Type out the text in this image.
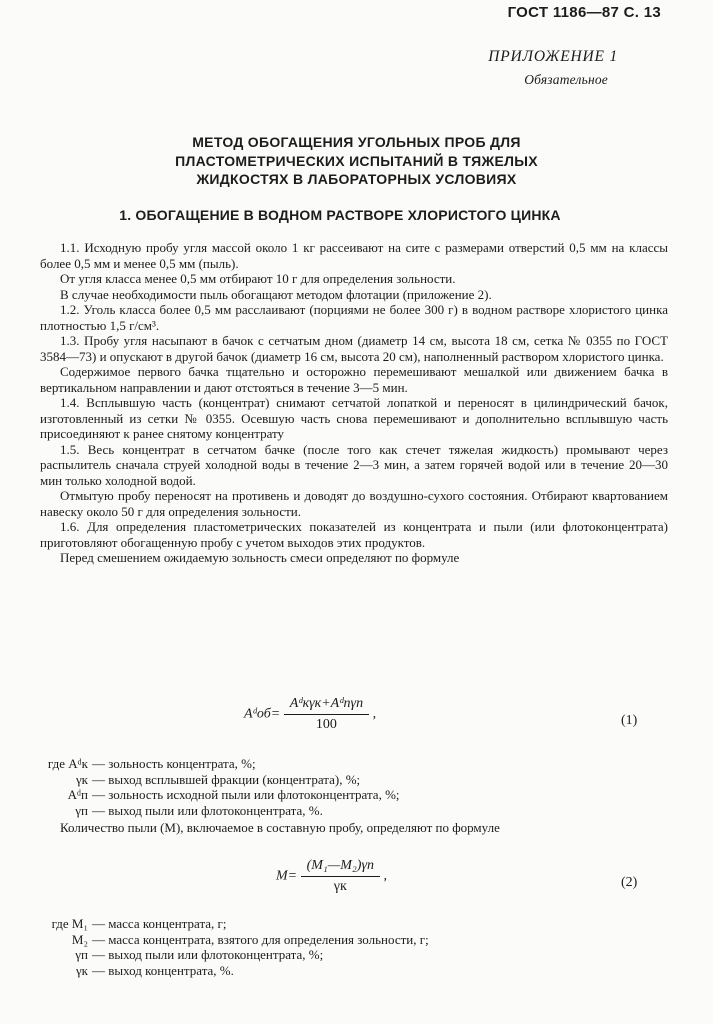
ГОСТ 1186—87 С. 13
ПРИЛОЖЕНИЕ 1
Обязательное
МЕТОД ОБОГАЩЕНИЯ УГОЛЬНЫХ ПРОБ ДЛЯ
ПЛАСТОМЕТРИЧЕСКИХ ИСПЫТАНИЙ В ТЯЖЕЛЫХ
ЖИДКОСТЯХ В ЛАБОРАТОРНЫХ УСЛОВИЯХ
1. ОБОГАЩЕНИЕ В ВОДНОМ РАСТВОРЕ ХЛОРИСТОГО ЦИНКА

1.1. Исходную пробу угля массой около 1 кг рассеивают на сите с размерами отверстий 0,5 мм на классы более 0,5 мм и менее 0,5 мм (пыль).

От угля класса менее 0,5 мм отбирают 10 г для определения зольности.

В случае необходимости пыль обогащают методом флотации (приложение 2).

1.2. Уголь класса более 0,5 мм расслаивают (порциями не более 300 г) в водном растворе хлористого цинка плотностью 1,5 г/см³.

1.3. Пробу угля насыпают в бачок с сетчатым дном (диаметр 14 см, высота 18 см, сетка № 0355 по ГОСТ 3584—73) и опускают в другой бачок (диаметр 16 см, высота 20 см), наполненный раствором хлористого цинка.

Содержимое первого бачка тщательно и осторожно перемешивают мешалкой или движением бачка в вертикальном направлении и дают отстояться в течение 3—5 мин.

1.4. Всплывшую часть (концентрат) снимают сетчатой лопаткой и переносят в цилиндрический бачок, изготовленный из сетки № 0355. Осевшую часть снова перемешивают и дополнительно всплывшую часть присоединяют к ранее снятому концентрату

1.5. Весь концентрат в сетчатом бачке (после того как стечет тяжелая жидкость) промывают через распылитель сначала струей холодной воды в течение 2—3 мин, а затем горячей водой или в течение 20—30 мин только холодной водой.

Отмытую пробу переносят на противень и доводят до воздушно-сухого состояния. Отбирают квартованием навеску около 50 г для определения зольности.

1.6. Для определения пластометрических показателей из концентрата и пыли (или флотоконцентрата) приготовляют обогащенную пробу с учетом выходов этих продуктов.

Перед смешением ожидаемую зольность смеси определяют по формуле

Aᵈоб= $\frac{\text{Aᵈкγк+Aᵈпγп}}{100}$ ,	(1)
где Aᵈк — зольность концентрата, %;
γк — выход всплывшей фракции (концентрата), %;
Aᵈп — зольность исходной пыли или флотоконцентрата, %;
γп — выход пыли или флотоконцентрата, %.

Количество пыли (M), включаемое в составную пробу, определяют по формуле

$M= \frac{\text{(M₁—M₂)γп}}{\gamma к}$ ,	(2)
где M₁ — масса концентрата, г;
M₂ — масса концентрата, взятого для определения зольности, г;
γп — выход пыли или флотоконцентрата, %;
γк — выход концентрата, %.
